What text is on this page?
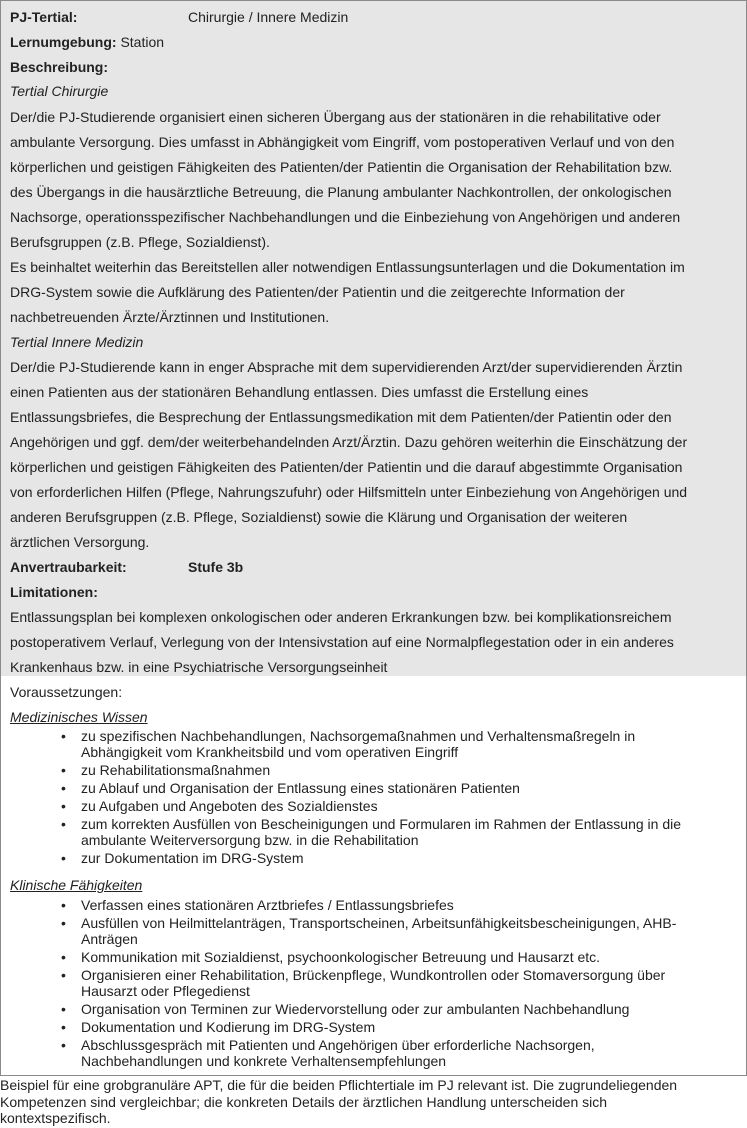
PJ-Tertial:	Chirurgie / Innere Medizin
Lernumgebung: Station
Beschreibung:
Tertial Chirurgie
Der/die PJ-Studierende organisiert einen sicheren Übergang aus der stationären in die rehabilitative oder
ambulante Versorgung. Dies umfasst in Abhängigkeit vom Eingriff, vom postoperativen Verlauf und von den
körperlichen und geistigen Fähigkeiten des Patienten/der Patientin die Organisation der Rehabilitation bzw.
des Übergangs in die hausärztliche Betreuung, die Planung ambulanter Nachkontrollen, der onkologischen
Nachsorge, operationsspezifischer Nachbehandlungen und die Einbeziehung von Angehörigen und anderen
Berufsgruppen (z.B. Pflege, Sozialdienst).
Es beinhaltet weiterhin das Bereitstellen aller notwendigen Entlassungsunterlagen und die Dokumentation im
DRG-System sowie die Aufklärung des Patienten/der Patientin und die zeitgerechte Information der
nachbetreuenden Ärzte/Ärztinnen und Institutionen.
Tertial Innere Medizin
Der/die PJ-Studierende kann in enger Absprache mit dem supervidierenden Arzt/der supervidierenden Ärztin
einen Patienten aus der stationären Behandlung entlassen. Dies umfasst die Erstellung eines
Entlassungsbriefes, die Besprechung der Entlassungsmedikation mit dem Patienten/der Patientin oder den
Angehörigen und ggf. dem/der weiterbehandelnden Arzt/Ärztin. Dazu gehören weiterhin die Einschätzung der
körperlichen und geistigen Fähigkeiten des Patienten/der Patientin und die darauf abgestimmte Organisation
von erforderlichen Hilfen (Pflege, Nahrungszufuhr) oder Hilfsmitteln unter Einbeziehung von Angehörigen und
anderen Berufsgruppen (z.B. Pflege, Sozialdienst) sowie die Klärung und Organisation der weiteren
ärztlichen Versorgung.
Anvertraubarkeit:	Stufe 3b
Limitationen:
Entlassungsplan bei komplexen onkologischen oder anderen Erkrankungen bzw. bei komplikationsreichem
postoperativem Verlauf, Verlegung von der Intensivstation auf eine Normalpflegestation oder in ein anderes
Krankenhaus bzw. in eine Psychiatrische Versorgungseinheit
Voraussetzungen:
Medizinisches Wissen
• zu spezifischen Nachbehandlungen, Nachsorgemaßnahmen und Verhaltensmaßregeln in
Abhängigkeit vom Krankheitsbild und vom operativen Eingriff
• zu Rehabilitationsmaßnahmen
• zu Ablauf und Organisation der Entlassung eines stationären Patienten
• zu Aufgaben und Angeboten des Sozialdienstes
• zum korrekten Ausfüllen von Bescheinigungen und Formularen im Rahmen der Entlassung in die
ambulante Weiterversorgung bzw. in die Rehabilitation
• zur Dokumentation im DRG-System
Klinische Fähigkeiten
• Verfassen eines stationären Arztbriefes / Entlassungsbriefes
• Ausfüllen von Heilmittelanträgen, Transportscheinen, Arbeitsunfähigkeitsbescheinigungen, AHB-
Anträgen
• Kommunikation mit Sozialdienst, psychoonkologischer Betreuung und Hausarzt etc.
• Organisieren einer Rehabilitation, Brückenpflege, Wundkontrollen oder Stomaversorgung über
Hausarzt oder Pflegedienst
• Organisation von Terminen zur Wiedervorstellung oder zur ambulanten Nachbehandlung
• Dokumentation und Kodierung im DRG-System
• Abschlussgespräch mit Patienten und Angehörigen über erforderliche Nachsorgen,
Nachbehandlungen und konkrete Verhaltensempfehlungen
Beispiel für eine grobgranuläre APT, die für die beiden Pflichtertiale im PJ relevant ist. Die zugrundeliegenden
Kompetenzen sind vergleichbar; die konkreten Details der ärztlichen Handlung unterscheiden sich
kontextspezifisch.
